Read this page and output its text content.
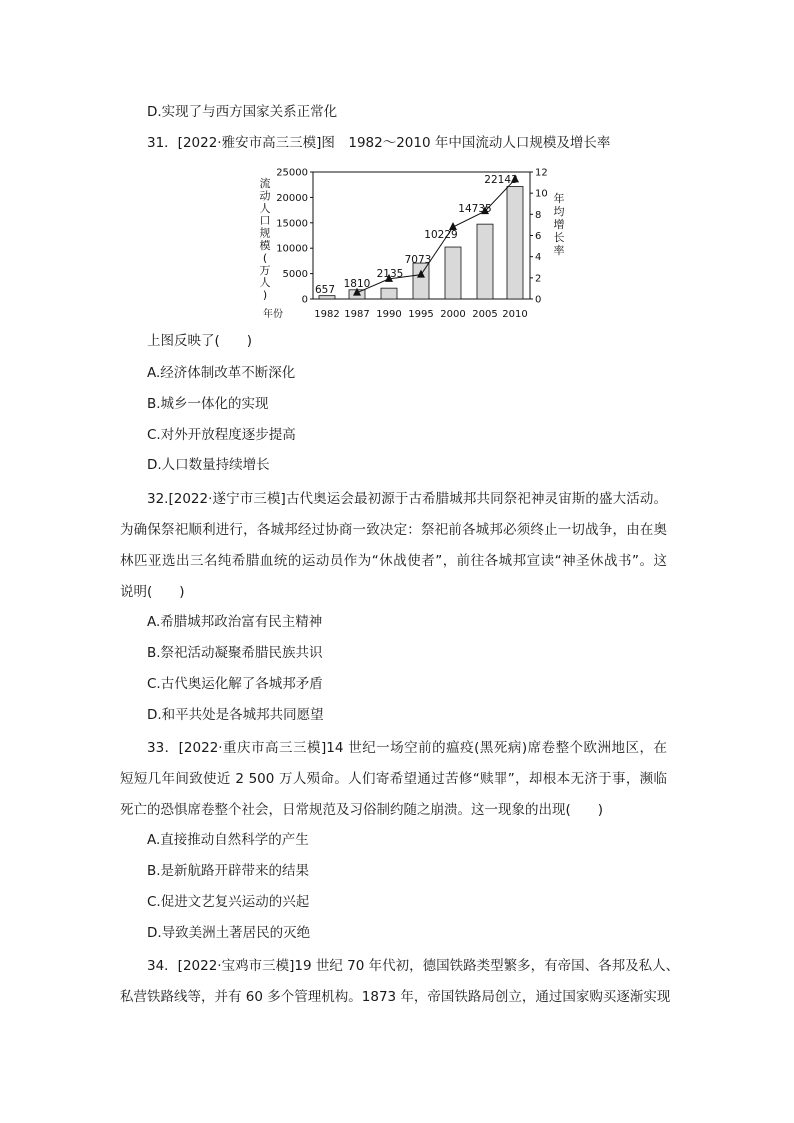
D.实现了与西方国家关系正常化
31．[2022·雅安市高三三模]图　1982～2010 年中国流动人口规模及增长率
0
5000
10000
15000
20000
25000
0
2
4
6
8
10
12
流
动
人
口
规
模
(
万
人
)
年
均
增
长
率
年份	1982 1987 1990 1995 2000 2005 2010
657 1810
2135
7073
10229
14735
22143
上图反映了(　　)
A.经济体制改革不断深化
B.城乡一体化的实现
C.对外开放程度逐步提高
D.人口数量持续增长
32.[2022·遂宁市三模]古代奥运会最初源于古希腊城邦共同祭祀神灵宙斯的盛大活动。
为确保祭祀顺利进行，各城邦经过协商一致决定：祭祀前各城邦必须终止一切战争，由在奥
林匹亚选出三名纯希腊血统的运动员作为“休战使者”，前往各城邦宣读“神圣休战书”。这
说明(　　)
A.希腊城邦政治富有民主精神
B.祭祀活动凝聚希腊民族共识
C.古代奥运化解了各城邦矛盾
D.和平共处是各城邦共同愿望
33．[2022·重庆市高三三模]14 世纪一场空前的瘟疫(黑死病)席卷整个欧洲地区，在
短短几年间致使近 2 500 万人殒命。人们寄希望通过苦修“赎罪”，却根本无济于事，濒临
死亡的恐惧席卷整个社会，日常规范及习俗制约随之崩溃。这一现象的出现(　　)
A.直接推动自然科学的产生
B.是新航路开辟带来的结果
C.促进文艺复兴运动的兴起
D.导致美洲土著居民的灭绝
34．[2022·宝鸡市三模]19 世纪 70 年代初，德国铁路类型繁多，有帝国、各邦及私人、
私营铁路线等，并有 60 多个管理机构。1873 年，帝国铁路局创立，通过国家购买逐渐实现
